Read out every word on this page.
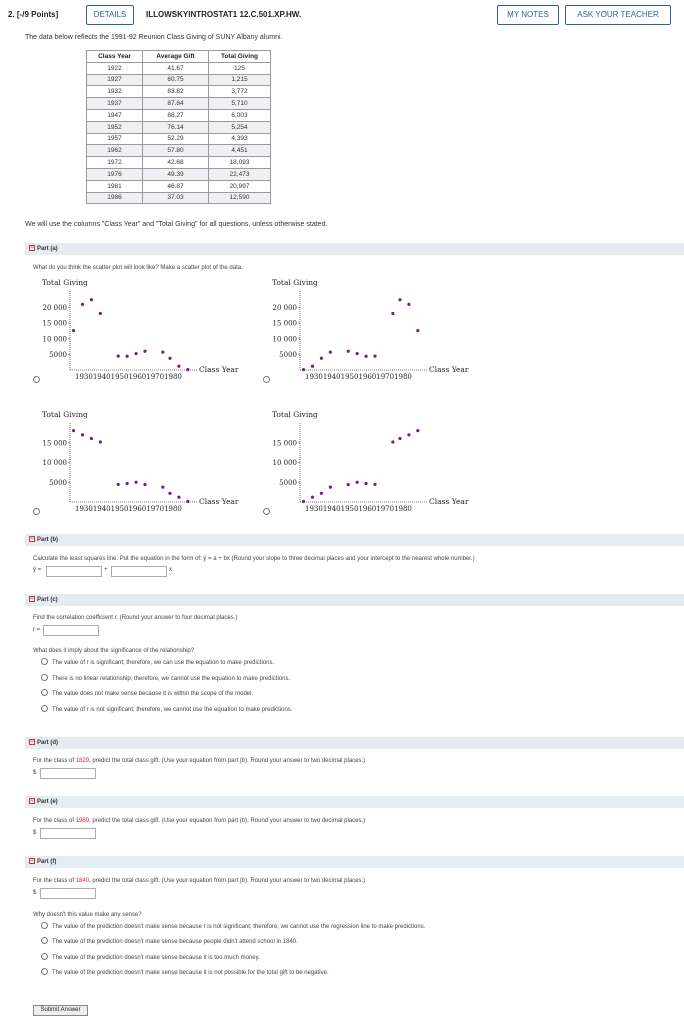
2. [-/9 Points]	DETAILS	ILLOWSKYINTROSTAT1 12.C.501.XP.HW.	MY NOTES	ASK YOUR TEACHER
The data below reflects the 1991-92 Reunion Class Giving of SUNY Albany alumni.
Class Year	Average Gift	Total Giving
1922	41.67	125
1927	60.75	1,215
1932	83.82	3,772
1937	87.84	5,710
1947	88.27	6,003
1952	76.14	5,254
1957	52.29	4,393
1962	57.80	4,451
1972	42.68	18,093
1976	49.39	22,473
1981	46.87	20,997
1986	37.03	12,590
We will use the columns "Class Year" and "Total Giving" for all questions, unless otherwise stated.
− Part (a)
What do you think the scatter plot will look like? Make a scatter plot of the data.
Total Giving
5000
10 000
15 000
20 000
193019401950196019701980
Class Year
Total Giving
5000
10 000
15 000
20 000
193019401950196019701980
Class Year
Total Giving
5000
10 000
15 000
193019401950196019701980
Class Year
Total Giving
5000
10 000
15 000
193019401950196019701980
Class Year
− Part (b)
Calculate the least squares line. Put the equation in the form of: ŷ = a + bx (Round your slope to three decimal places and your intercept to the nearest whole number.)
ŷ =	+	x
− Part (c)
Find the correlation coefficient r. (Round your answer to four decimal places.)
r =
What does it imply about the significance of the relationship?
The value of r is significant; therefore, we can use the equation to make predictions.
There is no linear relationship; therefore, we cannot use the equation to make predictions.
The value does not make sense because it is within the scope of the model.
The value of r is not significant; therefore, we cannot use the equation to make predictions.
− Part (d)
For the class of 1829, predict the total class gift. (Use your equation from part (b). Round your answer to two decimal places.)
$
− Part (e)
For the class of 1969, predict the total class gift. (Use your equation from part (b). Round your answer to two decimal places.)
$
− Part (f)
For the class of 1840, predict the total class gift. (Use your equation from part (b). Round your answer to two decimal places.)
$
Why doesn't this value make any sense?
The value of the prediction doesn't make sense because r is not significant; therefore, we cannot use the regression line to make predictions.
The value of the prediction doesn't make sense because people didn't attend school in 1840.
The value of the prediction doesn't make sense because it is too much money.
The value of the prediction doesn't make sense because it is not possible for the total gift to be negative.
Submit Answer
